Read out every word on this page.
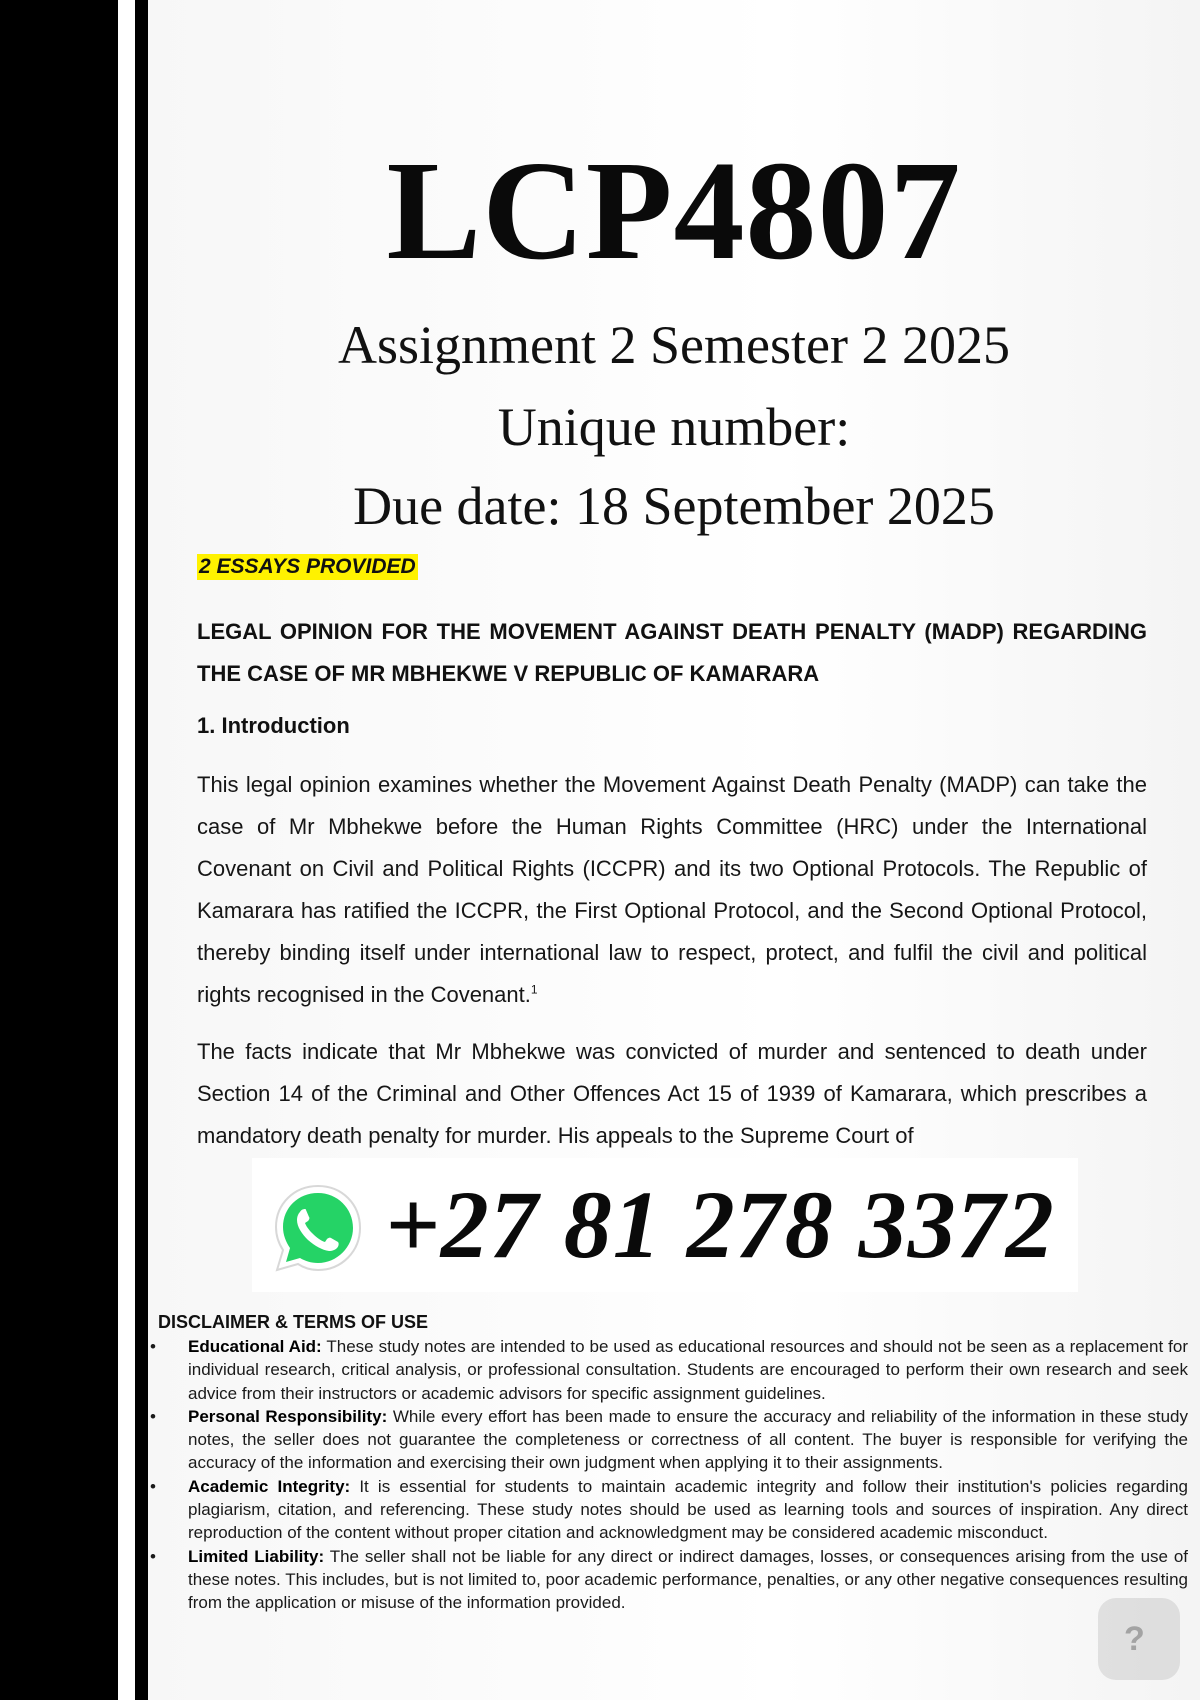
LCP4807
Assignment 2 Semester 2 2025
Unique number:
Due date: 18 September 2025
2 ESSAYS PROVIDED
LEGAL OPINION FOR THE MOVEMENT AGAINST DEATH PENALTY (MADP) REGARDING THE CASE OF MR MBHEKWE V REPUBLIC OF KAMARARA
1. Introduction
This legal opinion examines whether the Movement Against Death Penalty (MADP) can take the case of Mr Mbhekwe before the Human Rights Committee (HRC) under the International Covenant on Civil and Political Rights (ICCPR) and its two Optional Protocols. The Republic of Kamarara has ratified the ICCPR, the First Optional Protocol, and the Second Optional Protocol, thereby binding itself under international law to respect, protect, and fulfil the civil and political rights recognised in the Covenant.$^1$
The facts indicate that Mr Mbhekwe was convicted of murder and sentenced to death under Section 14 of the Criminal and Other Offences Act 15 of 1939 of Kamarara, which prescribes a mandatory death penalty for murder. His appeals to the Supreme Court of
+27 81 278 3372
DISCLAIMER & TERMS OF USE
• Educational Aid: These study notes are intended to be used as educational resources and should not be seen as a replacement for individual research, critical analysis, or professional consultation. Students are encouraged to perform their own research and seek advice from their instructors or academic advisors for specific assignment guidelines.
• Personal Responsibility: While every effort has been made to ensure the accuracy and reliability of the information in these study notes, the seller does not guarantee the completeness or correctness of all content. The buyer is responsible for verifying the accuracy of the information and exercising their own judgment when applying it to their assignments.
• Academic Integrity: It is essential for students to maintain academic integrity and follow their institution's policies regarding plagiarism, citation, and referencing. These study notes should be used as learning tools and sources of inspiration. Any direct reproduction of the content without proper citation and acknowledgment may be considered academic misconduct.
• Limited Liability: The seller shall not be liable for any direct or indirect damages, losses, or consequences arising from the use of these notes. This includes, but is not limited to, poor academic performance, penalties, or any other negative consequences resulting from the application or misuse of the information provided.
?
